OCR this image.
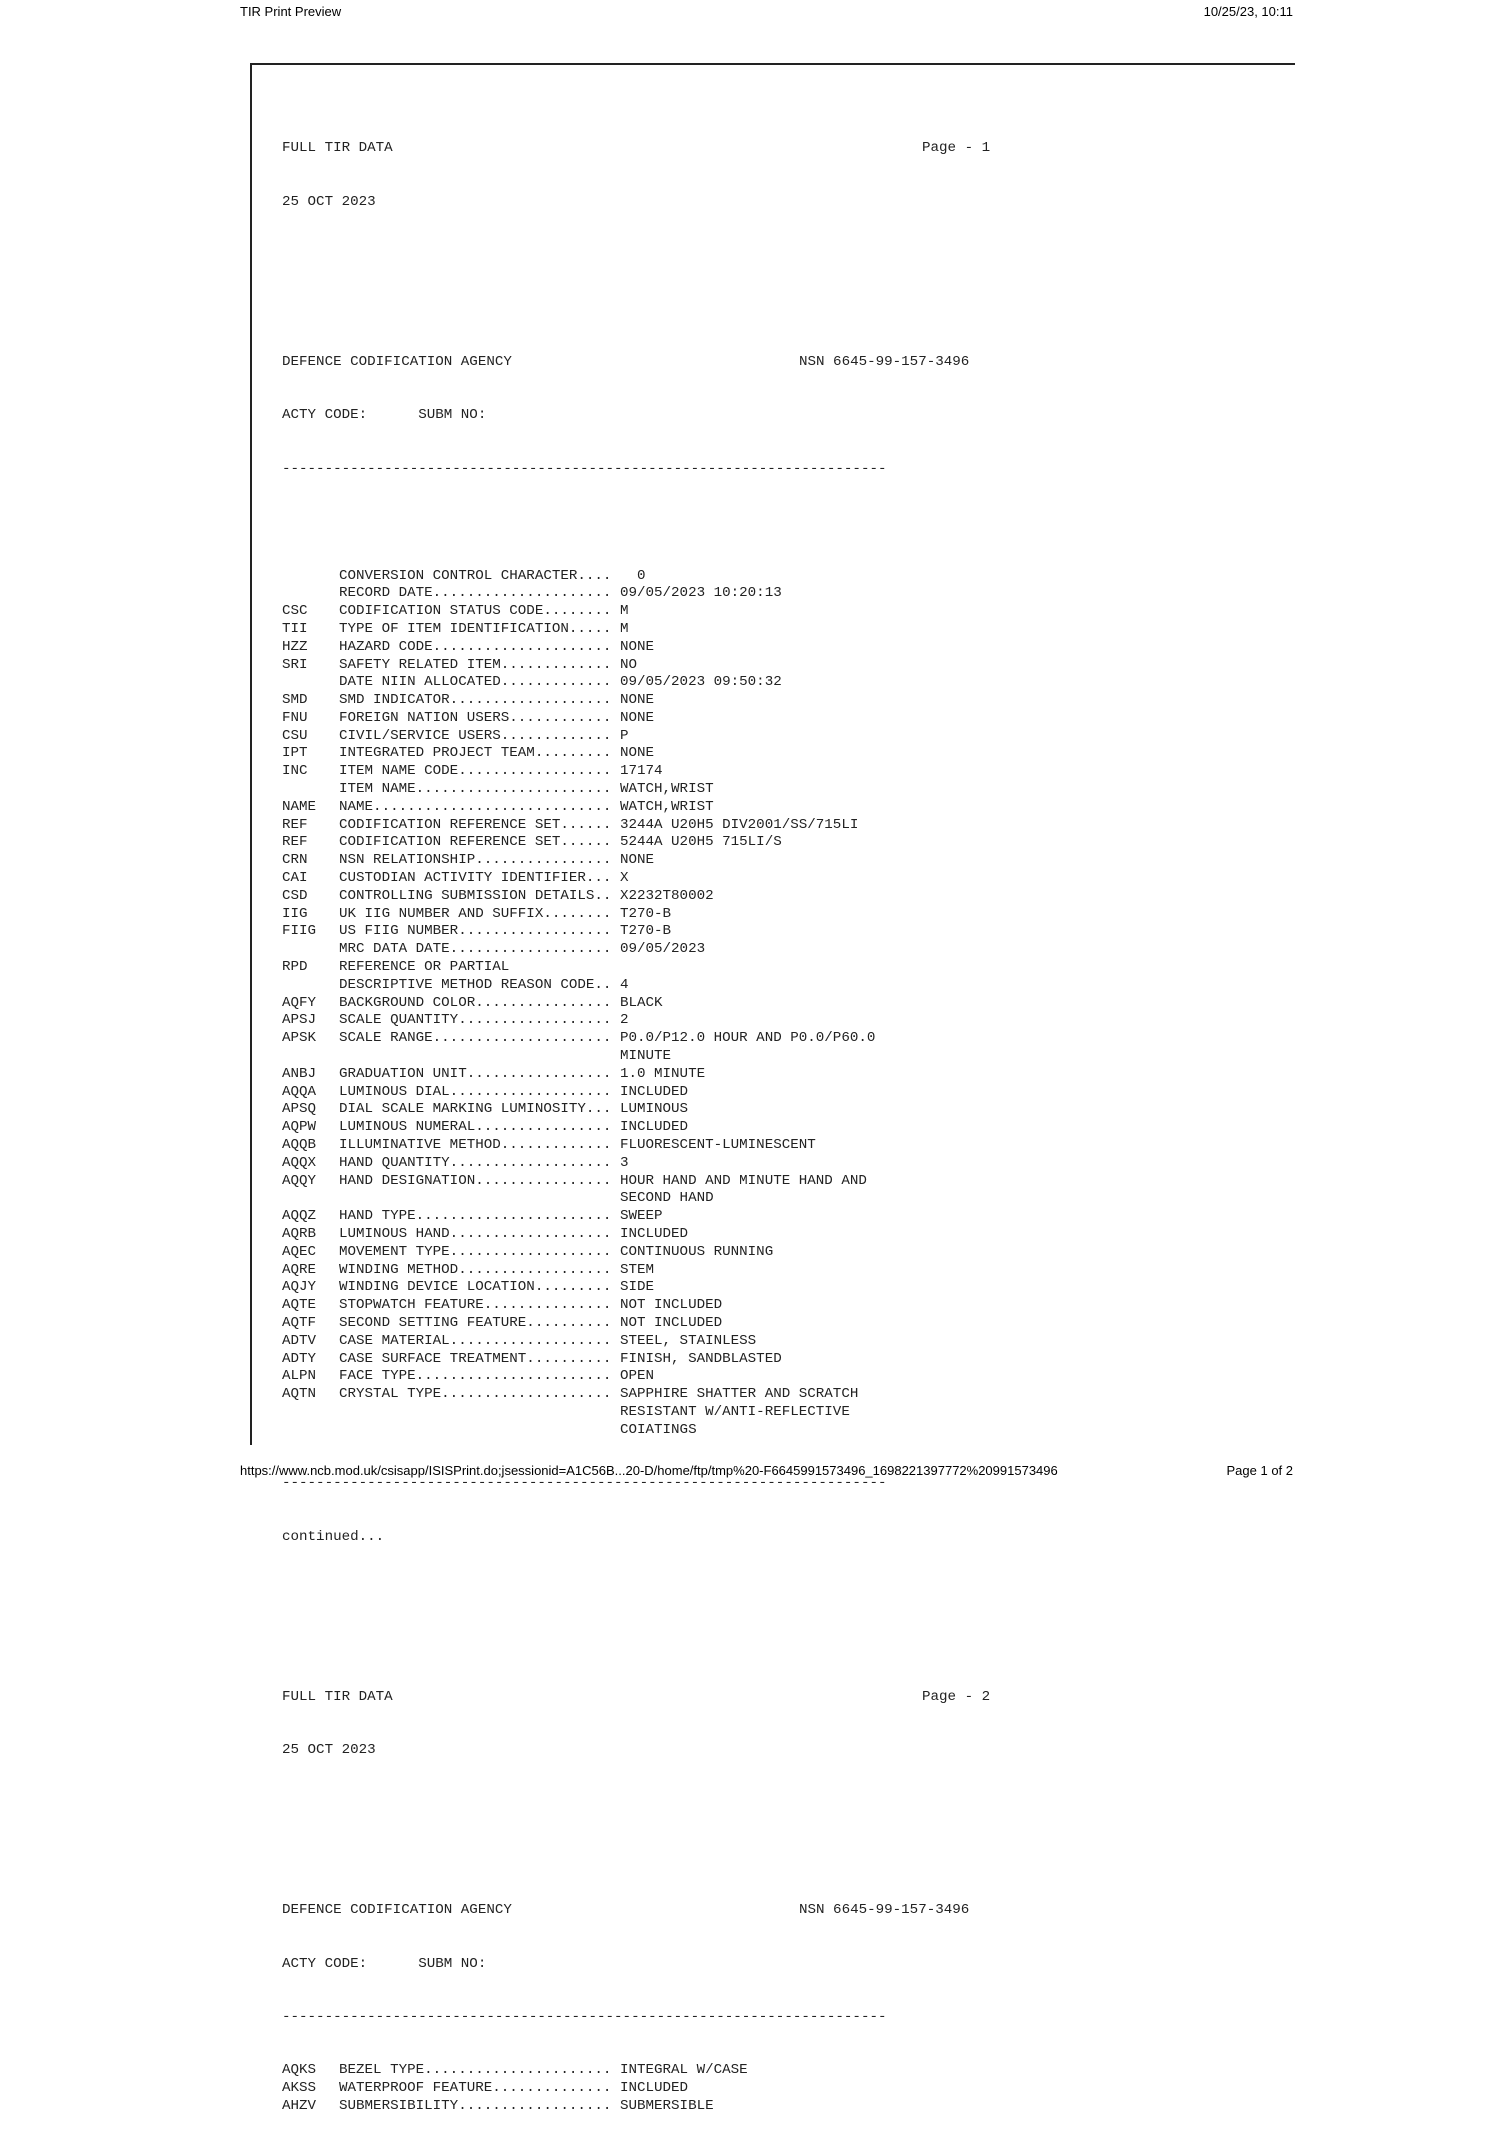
TIR Print Preview	10/25/23, 10:11

FULL TIR DATA	Page - 1

25 OCT 2023

DEFENCE CODIFICATION AGENCY	NSN 6645-99-157-3496

ACTY CODE:      SUBM NO:

-----------------------------------------------------------------------

CONVERSION CONTROL CHARACTER....   0
RECORD DATE..................... 09/05/2023 10:20:13
CSC CODIFICATION STATUS CODE........ M
TII TYPE OF ITEM IDENTIFICATION..... M
HZZ HAZARD CODE..................... NONE
SRI SAFETY RELATED ITEM............. NO
DATE NIIN ALLOCATED............. 09/05/2023 09:50:32
SMD SMD INDICATOR................... NONE
FNU FOREIGN NATION USERS............ NONE
CSU CIVIL/SERVICE USERS............. P
IPT INTEGRATED PROJECT TEAM......... NONE
INC ITEM NAME CODE.................. 17174
ITEM NAME....................... WATCH,WRIST
NAME NAME............................ WATCH,WRIST
REF CODIFICATION REFERENCE SET...... 3244A U20H5 DIV2001/SS/715LI
REF CODIFICATION REFERENCE SET...... 5244A U20H5 715LI/S
CRN NSN RELATIONSHIP................ NONE
CAI CUSTODIAN ACTIVITY IDENTIFIER... X
CSD CONTROLLING SUBMISSION DETAILS.. X2232T80002
IIG UK IIG NUMBER AND SUFFIX........ T270-B
FIIG US FIIG NUMBER.................. T270-B
MRC DATA DATE................... 09/05/2023
RPD REFERENCE OR PARTIAL
DESCRIPTIVE METHOD REASON CODE.. 4
AQFY BACKGROUND COLOR................ BLACK
APSJ SCALE QUANTITY.................. 2
APSK SCALE RANGE..................... P0.0/P12.0 HOUR AND P0.0/P60.0
MINUTE
ANBJ GRADUATION UNIT................. 1.0 MINUTE
AQQA LUMINOUS DIAL................... INCLUDED
APSQ DIAL SCALE MARKING LUMINOSITY... LUMINOUS
AQPW LUMINOUS NUMERAL................ INCLUDED
AQQB ILLUMINATIVE METHOD............. FLUORESCENT-LUMINESCENT
AQQX HAND QUANTITY................... 3
AQQY HAND DESIGNATION................ HOUR HAND AND MINUTE HAND AND
SECOND HAND
AQQZ HAND TYPE....................... SWEEP
AQRB LUMINOUS HAND................... INCLUDED
AQEC MOVEMENT TYPE................... CONTINUOUS RUNNING
AQRE WINDING METHOD.................. STEM
AQJY WINDING DEVICE LOCATION......... SIDE
AQTE STOPWATCH FEATURE............... NOT INCLUDED
AQTF SECOND SETTING FEATURE.......... NOT INCLUDED
ADTV CASE MATERIAL................... STEEL, STAINLESS
ADTY CASE SURFACE TREATMENT.......... FINISH, SANDBLASTED
ALPN FACE TYPE....................... OPEN
AQTN CRYSTAL TYPE.................... SAPPHIRE SHATTER AND SCRATCH
RESISTANT W/ANTI-REFLECTIVE
COIATINGS

-----------------------------------------------------------------------

continued...

FULL TIR DATA	Page - 2

25 OCT 2023

DEFENCE CODIFICATION AGENCY	NSN 6645-99-157-3496

ACTY CODE:      SUBM NO:

-----------------------------------------------------------------------

AQKS BEZEL TYPE...................... INTEGRAL W/CASE
AKSS WATERPROOF FEATURE.............. INCLUDED
AHZV SUBMERSIBILITY.................. SUBMERSIBLE

https://www.ncb.mod.uk/csisapp/ISISPrint.do;jsessionid=A1C56B...20-D/home/ftp/tmp%20-F6645991573496_1698221397772%20991573496	Page 1 of 2
